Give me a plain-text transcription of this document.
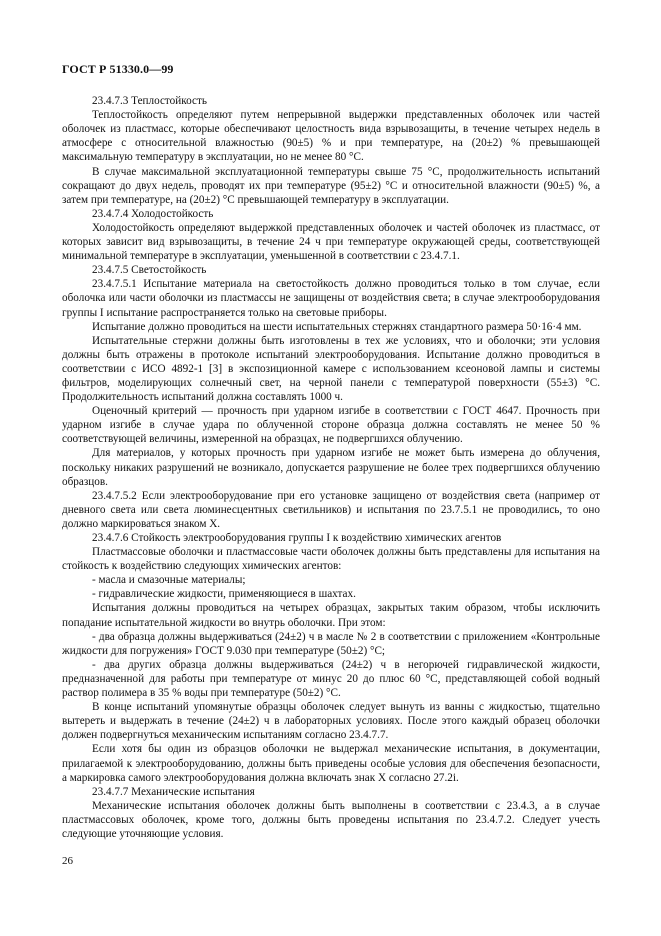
ГОСТ Р 51330.0—99

23.4.7.3 Теплостойкость

Теплостойкость определяют путем непрерывной выдержки представленных оболочек или частей оболочек из пластмасс, которые обеспечивают целостность вида взрывозащиты, в течение четырех недель в атмосфере с относительной влажностью (90±5) % и при температуре, на (20±2) % превышающей максимальную температуру в эксплуатации, но не менее 80 °С.

В случае максимальной эксплуатационной температуры свыше 75 °С, продолжительность испытаний сокращают до двух недель, проводят их при температуре (95±2) °С и относительной влажности (90±5) %, а затем при температуре, на (20±2) °С превышающей температуру в эксплуатации.

23.4.7.4 Холодостойкость

Холодостойкость определяют выдержкой представленных оболочек и частей оболочек из пластмасс, от которых зависит вид взрывозащиты, в течение 24 ч при температуре окружающей среды, соответствующей минимальной температуре в эксплуатации, уменьшенной в соответствии с 23.4.7.1.

23.4.7.5 Светостойкость

23.4.7.5.1 Испытание материала на светостойкость должно проводиться только в том случае, если оболочка или части оболочки из пластмассы не защищены от воздействия света; в случае электрооборудования группы I испытание распространяется только на световые приборы.

Испытание должно проводиться на шести испытательных стержнях стандартного размера 50·16·4 мм.

Испытательные стержни должны быть изготовлены в тех же условиях, что и оболочки; эти условия должны быть отражены в протоколе испытаний электрооборудования. Испытание должно проводиться в соответствии с ИСО 4892-1 [3] в экспозиционной камере с использованием ксеоновой лампы и системы фильтров, моделирующих солнечный свет, на черной панели с температурой поверхности (55±3) °С. Продолжительность испытаний должна составлять 1000 ч.

Оценочный критерий — прочность при ударном изгибе в соответствии с ГОСТ 4647. Прочность при ударном изгибе в случае удара по облученной стороне образца должна составлять не менее 50 % соответствующей величины, измеренной на образцах, не подвергшихся облучению.

Для материалов, у которых прочность при ударном изгибе не может быть измерена до облучения, поскольку никаких разрушений не возникало, допускается разрушение не более трех подвергшихся облучению образцов.

23.4.7.5.2 Если электрооборудование при его установке защищено от воздействия света (например от дневного света или света люминесцентных светильников) и испытания по 23.7.5.1 не проводились, то оно должно маркироваться знаком X.

23.4.7.6 Стойкость электрооборудования группы I к воздействию химических агентов

Пластмассовые оболочки и пластмассовые части оболочек должны быть представлены для испытания на стойкость к воздействию следующих химических агентов:

- масла и смазочные материалы;

- гидравлические жидкости, применяющиеся в шахтах.

Испытания должны проводиться на четырех образцах, закрытых таким образом, чтобы исключить попадание испытательной жидкости во внутрь оболочки. При этом:

- два образца должны выдерживаться (24±2) ч в масле № 2 в соответствии с приложением «Контрольные жидкости для погружения» ГОСТ 9.030 при температуре (50±2) °С;

- два других образца должны выдерживаться (24±2) ч в негорючей гидравлической жидкости, предназначенной для работы при температуре от минус 20 до плюс 60 °С, представляющей собой водный раствор полимера в 35 % воды при температуре (50±2) °С.

В конце испытаний упомянутые образцы оболочек следует вынуть из ванны с жидкостью, тщательно вытереть и выдержать в течение (24±2) ч в лабораторных условиях. После этого каждый образец оболочки должен подвергнуться механическим испытаниям согласно 23.4.7.7.

Если хотя бы один из образцов оболочки не выдержал механические испытания, в документации, прилагаемой к электрооборудованию, должны быть приведены особые условия для обеспечения безопасности, а маркировка самого электрооборудования должна включать знак X согласно 27.2i.

23.4.7.7 Механические испытания

Механические испытания оболочек должны быть выполнены в соответствии с 23.4.3, а в случае пластмассовых оболочек, кроме того, должны быть проведены испытания по 23.4.7.2. Следует учесть следующие уточняющие условия.

26
